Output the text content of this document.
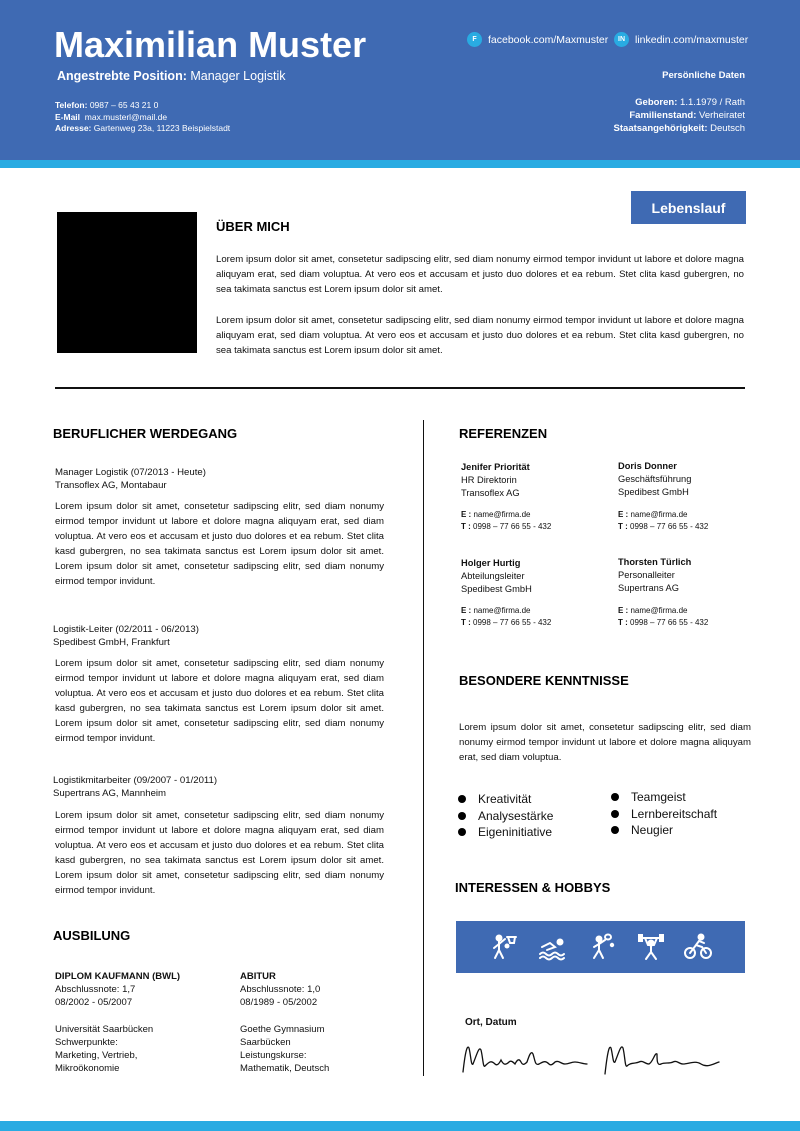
Maximilian Muster
Angestrebte Position: Manager Logistik
Telefon: 0987 – 65 43 21 0
E-Mail max.musterl@mail.de
Adresse: Gartenweg 23a, 11223 Beispielstadt
F	facebook.com/Maxmuster	IN linkedin.com/maxmuster
Persönliche Daten
Geboren: 1.1.1979 / Rath
Familienstand: Verheiratet
Staatsangehörigkeit: Deutsch
Lebenslauf
ÜBER MICH

Lorem ipsum dolor sit amet, consetetur sadipscing elitr, sed diam nonumy eirmod tempor invidunt ut labore et dolore magna aliquyam erat, sed diam voluptua. At vero eos et accusam et justo duo dolores et ea rebum. Stet clita kasd gubergren, no sea takimata sanctus est Lorem ipsum dolor sit amet.

Lorem ipsum dolor sit amet, consetetur sadipscing elitr, sed diam nonumy eirmod tempor invidunt ut labore et dolore magna aliquyam erat, sed diam voluptua. At vero eos et accusam et justo duo dolores et ea rebum. Stet clita kasd gubergren, no sea takimata sanctus est Lorem ipsum dolor sit amet.

BERUFLICHER WERDEGANG
Manager Logistik (07/2013 - Heute)
Transoflex AG, Montabaur
Lorem ipsum dolor sit amet, consetetur sadipscing elitr, sed diam nonumy eirmod tempor invidunt ut labore et dolore magna aliquyam erat, sed diam voluptua. At vero eos et accusam et justo duo dolores et ea rebum. Stet clita kasd gubergren, no sea takimata sanctus est Lorem ipsum dolor sit amet. Lorem ipsum dolor sit amet, consetetur sadipscing elitr, sed diam nonumy eirmod tempor invidunt.
Logistik-Leiter (02/2011 - 06/2013)
Spedibest GmbH, Frankfurt
Lorem ipsum dolor sit amet, consetetur sadipscing elitr, sed diam nonumy eirmod tempor invidunt ut labore et dolore magna aliquyam erat, sed diam voluptua. At vero eos et accusam et justo duo dolores et ea rebum. Stet clita kasd gubergren, no sea takimata sanctus est Lorem ipsum dolor sit amet. Lorem ipsum dolor sit amet, consetetur sadipscing elitr, sed diam nonumy eirmod tempor invidunt.
Logistikmitarbeiter (09/2007 - 01/2011)
Supertrans AG, Mannheim
Lorem ipsum dolor sit amet, consetetur sadipscing elitr, sed diam nonumy eirmod tempor invidunt ut labore et dolore magna aliquyam erat, sed diam voluptua. At vero eos et accusam et justo duo dolores et ea rebum. Stet clita kasd gubergren, no sea takimata sanctus est Lorem ipsum dolor sit amet. Lorem ipsum dolor sit amet, consetetur sadipscing elitr, sed diam nonumy eirmod tempor invidunt.
AUSBILUNG
DIPLOM KAUFMANN (BWL)
Abschlussnote: 1,7
08/2002 - 05/2007
Universität Saarbücken
Schwerpunkte:
Marketing, Vertrieb,
Mikroökonomie
ABITUR
Abschlussnote: 1,0
08/1989 - 05/2002
Goethe Gymnasium
Saarbücken
Leistungskurse:
Mathematik, Deutsch
REFERENZEN
Jenifer Priorität
HR Direktorin
Transoflex AG
E : name@firma.de
T : 0998 – 77 66 55 - 432
Doris Donner
Geschäftsführung
Spedibest GmbH
E : name@firma.de
T : 0998 – 77 66 55 - 432
Holger Hurtig
Abteilungsleiter
Spedibest GmbH
E : name@firma.de
T : 0998 – 77 66 55 - 432
Thorsten Türlich
Personalleiter
Supertrans AG
E : name@firma.de
T : 0998 – 77 66 55 - 432
BESONDERE KENNTNISSE
Lorem ipsum dolor sit amet, consetetur sadipscing elitr, sed diam nonumy eirmod tempor invidunt ut labore et dolore magna aliquyam erat, sed diam voluptua.
Kreativität
Analysestärke
Eigeninitiative
Teamgeist
Lernbereitschaft
Neugier
INTERESSEN & HOBBYS
Ort, Datum
